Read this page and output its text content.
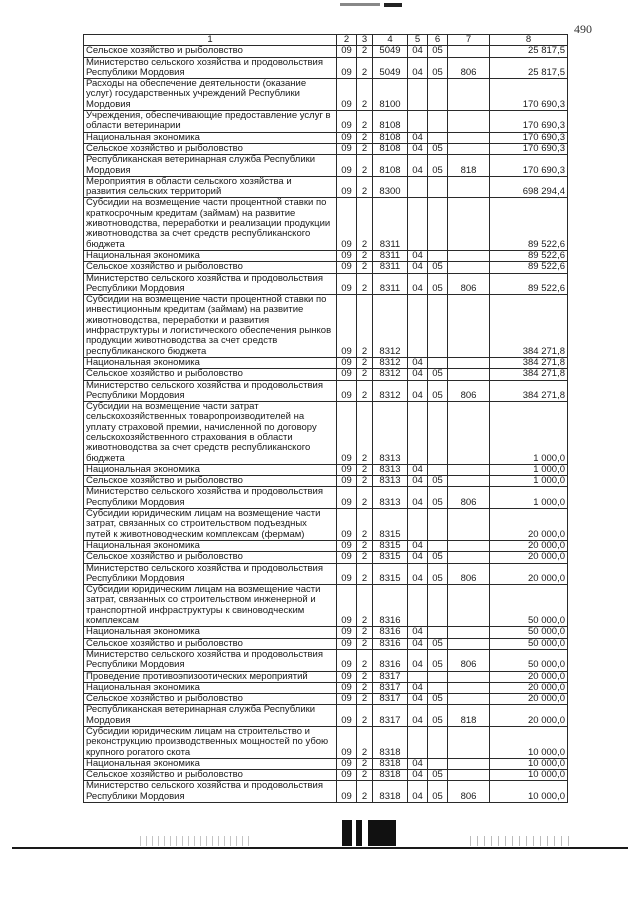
490
1	2	3	4	5	6	7	8
Сельское хозяйство и рыболовство	09	2	5049	04	05		25 817,5
Министерство сельского хозяйства и продовольствия Республики Мордовия	09	2	5049	04	05	806	25 817,5
Расходы на обеспечение деятельности (оказание услуг) государственных учреждений Республики Мордовия	09	2	8100				170 690,3
Учреждения, обеспечивающие предоставление услуг в области ветеринарии	09	2	8108				170 690,3
Национальная экономика	09	2	8108	04			170 690,3
Сельское хозяйство и рыболовство	09	2	8108	04	05		170 690,3
Республиканская ветеринарная служба Республики Мордовия	09	2	8108	04	05	818	170 690,3
Мероприятия в области сельского хозяйства и развития сельских территорий	09	2	8300				698 294,4
Субсидии на возмещение части процентной ставки по краткосрочным кредитам (займам) на развитие животноводства, переработки и реализации продукции животноводства за счет средств республиканского бюджета	09	2	8311				89 522,6
Национальная экономика	09	2	8311	04			89 522,6
Сельское хозяйство и рыболовство	09	2	8311	04	05		89 522,6
Министерство сельского хозяйства и продовольствия Республики Мордовия	09	2	8311	04	05	806	89 522,6
Субсидии на возмещение части процентной ставки по инвестиционным кредитам (займам) на развитие животноводства, переработки и развития инфраструктуры и логистического обеспечения рынков продукции животноводства за счет средств республиканского бюджета	09	2	8312				384 271,8
Национальная экономика	09	2	8312	04			384 271,8
Сельское хозяйство и рыболовство	09	2	8312	04	05		384 271,8
Министерство сельского хозяйства и продовольствия Республики Мордовия	09	2	8312	04	05	806	384 271,8
Субсидии на возмещение части затрат сельскохозяйственных товаропроизводителей на уплату страховой премии, начисленной по договору сельскохозяйственного страхования в области животноводства за счет средств республиканского бюджета	09	2	8313				1 000,0
Национальная экономика	09	2	8313	04			1 000,0
Сельское хозяйство и рыболовство	09	2	8313	04	05		1 000,0
Министерство сельского хозяйства и продовольствия Республики Мордовия	09	2	8313	04	05	806	1 000,0
Субсидии юридическим лицам на возмещение части затрат, связанных со строительством подъездных путей к животноводческим комплексам (фермам)	09	2	8315				20 000,0
Национальная экономика	09	2	8315	04			20 000,0
Сельское хозяйство и рыболовство	09	2	8315	04	05		20 000,0
Министерство сельского хозяйства и продовольствия Республики Мордовия	09	2	8315	04	05	806	20 000,0
Субсидии юридическим лицам на возмещение части затрат, связанных со строительством инженерной и транспортной инфраструктуры к свиноводческим комплексам	09	2	8316				50 000,0
Национальная экономика	09	2	8316	04			50 000,0
Сельское хозяйство и рыболовство	09	2	8316	04	05		50 000,0
Министерство сельского хозяйства и продовольствия Республики Мордовия	09	2	8316	04	05	806	50 000,0
Проведение противоэпизоотических мероприятий	09	2	8317				20 000,0
Национальная экономика	09	2	8317	04			20 000,0
Сельское хозяйство и рыболовство	09	2	8317	04	05		20 000,0
Республиканская ветеринарная служба Республики Мордовия	09	2	8317	04	05	818	20 000,0
Субсидии юридическим лицам на строительство и реконструкцию производственных мощностей по убою крупного рогатого скота	09	2	8318				10 000,0
Национальная экономика	09	2	8318	04			10 000,0
Сельское хозяйство и рыболовство	09	2	8318	04	05		10 000,0
Министерство сельского хозяйства и продовольствия Республики Мордовия	09	2	8318	04	05	806	10 000,0
